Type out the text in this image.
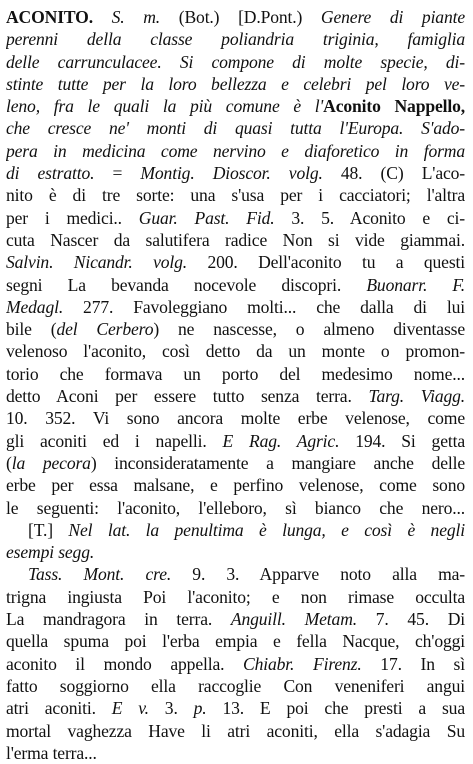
ACONITO. S. m. (Bot.) [D.Pont.) Genere di piante
perenni della classe poliandria triginia, famiglia
delle carrunculacee. Si compone di molte specie, di-
stinte tutte per la loro bellezza e celebri pel loro ve-
leno, fra le quali la più comune è l'Aconito Nappello,
che cresce ne' monti di quasi tutta l'Europa. S'ado-
pera in medicina come nervino e diaforetico in forma
di estratto. = Montig. Dioscor. volg. 48. (C) L'aco-
nito è di tre sorte: una s'usa per i cacciatori; l'altra
per i medici.. Guar. Past. Fid. 3. 5. Aconito e ci-
cuta Nascer da salutifera radice Non si vide giammai.
Salvin. Nicandr. volg. 200. Dell'aconito tu a questi
segni La bevanda nocevole discopri. Buonarr. F.
Medagl. 277. Favoleggiano molti... che dalla di lui
bile (del Cerbero) ne nascesse, o almeno diventasse
velenoso l'aconito, così detto da un monte o promon-
torio che formava un porto del medesimo nome...
detto Aconi per essere tutto senza terra. Targ. Viagg.
10. 352. Vi sono ancora molte erbe velenose, come
gli aconiti ed i napelli. E Rag. Agric. 194. Si getta
(la pecora) inconsideratamente a mangiare anche delle
erbe per essa malsane, e perfino velenose, come sono
le seguenti: l'aconito, l'elleboro, sì bianco che nero...
[T.] Nel lat. la penultima è lunga, e così è negli
esempi segg.
Tass. Mont. cre. 9. 3. Apparve noto alla ma-
trigna ingiusta Poi l'aconito; e non rimase occulta
La mandragora in terra. Anguill. Metam. 7. 45. Di
quella spuma poi l'erba empia e fella Nacque, ch'oggi
aconito il mondo appella. Chiabr. Firenz. 17. In sì
fatto soggiorno ella raccoglie Con veneniferi angui
atri aconiti. E v. 3. p. 13. E poi che presti a sua
mortal vaghezza Have li atri aconiti, ella s'adagia Su
l'erma terra...
